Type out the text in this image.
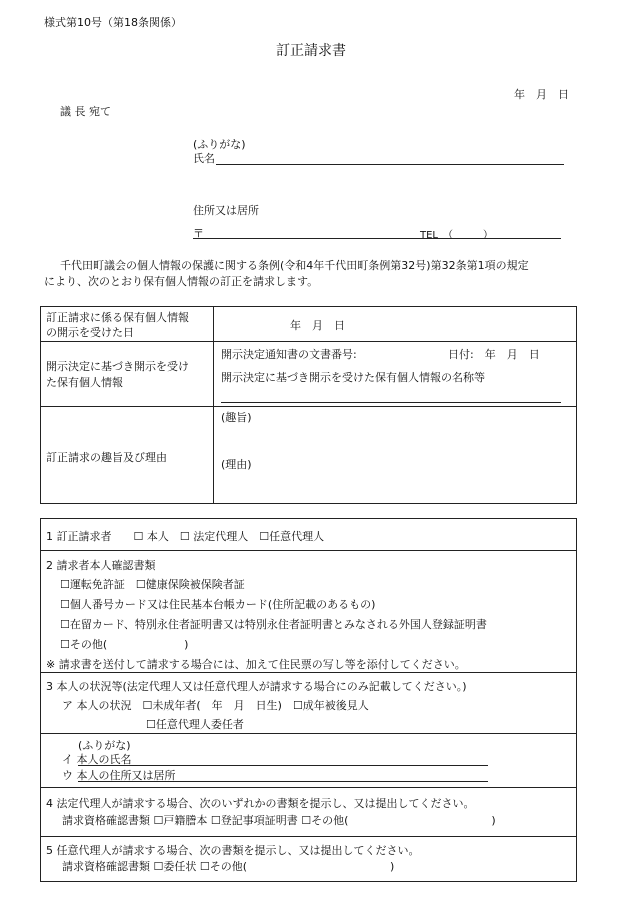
様式第10号（第18条関係）
訂正請求書
年　月　日
議 長 宛て
(ふりがな)
氏名
住所又は居所
〒	TEL　（　　　）
千代田町議会の個人情報の保護に関する条例(令和4年千代田町条例第32号)第32条第1項の規定
により、次のとおり保有個人情報の訂正を請求します。
訂正請求に係る保有個人情報
の開示を受けた日
年　月　日
開示決定に基づき開示を受け
た保有個人情報
開示決定通知書の文書番号:	日付:　年　月　日
開示決定に基づき開示を受けた保有個人情報の名称等
訂正請求の趣旨及び理由
(趣旨)
(理由)
1 訂正請求者　　☐ 本人　☐ 法定代理人　☐任意代理人
2 請求者本人確認書類
☐運転免許証　☐健康保険被保険者証
☐個人番号カード又は住民基本台帳カード(住所記載のあるもの)
☐在留カード、特別永住者証明書又は特別永住者証明書とみなされる外国人登録証明書
☐その他(　　　　　　　)
※ 請求書を送付して請求する場合には、加えて住民票の写し等を添付してください。
3 本人の状況等(法定代理人又は任意代理人が請求する場合にのみ記載してください。)
ア 本人の状況　☐未成年者(　年　月　日生)　☐成年被後見人
☐任意代理人委任者
(ふりがな)
イ 本人の氏名
ウ 本人の住所又は居所
4 法定代理人が請求する場合、次のいずれかの書類を提示し、又は提出してください。
請求資格確認書類 ☐戸籍謄本 ☐登記事項証明書 ☐その他(　　　　　　　　　　　　　)
5 任意代理人が請求する場合、次の書類を提示し、又は提出してください。
請求資格確認書類 ☐委任状 ☐その他(　　　　　　　　　　　　　)
